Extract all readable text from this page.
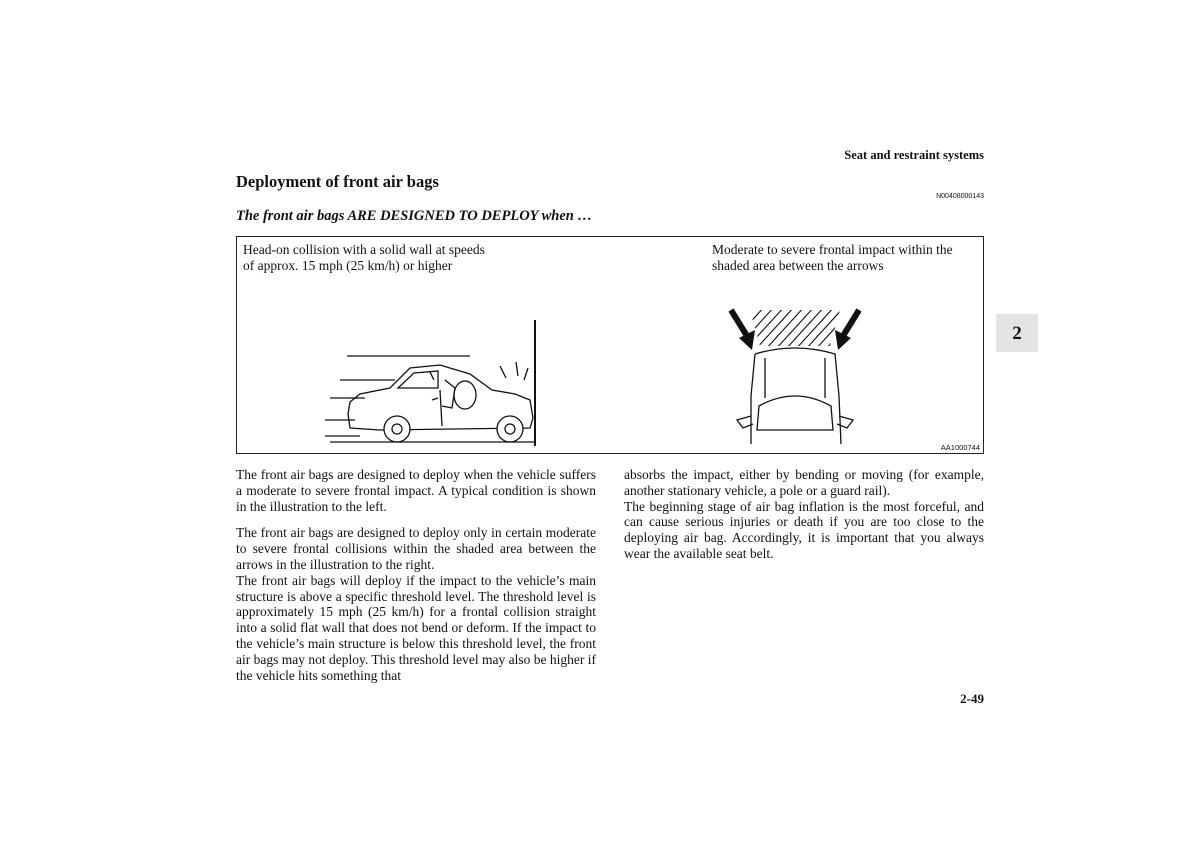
Seat and restraint systems
Deployment of front air bags
N00408000143
The front air bags ARE DESIGNED TO DEPLOY when …
Head-on collision with a solid wall at speeds of approx. 15 mph (25 km/h) or higher
Moderate to severe frontal impact within the shaded area between the arrows
AA1000744
2

The front air bags are designed to deploy when the vehicle suffers a moderate to severe frontal impact. A typical condition is shown in the illustration to the left.

The front air bags are designed to deploy only in certain moderate to severe frontal collisions within the shaded area between the arrows in the illustration to the right.

The front air bags will deploy if the impact to the vehicle’s main structure is above a specific threshold level. The threshold level is approximately 15 mph (25 km/h) for a frontal collision straight into a solid flat wall that does not bend or deform. If the impact to the vehicle’s main structure is below this threshold level, the front air bags may not deploy. This threshold level may also be higher if the vehicle hits something that

absorbs the impact, either by bending or moving (for example, another stationary vehicle, a pole or a guard rail).

The beginning stage of air bag inflation is the most forceful, and can cause serious injuries or death if you are too close to the deploying air bag. Accordingly, it is important that you always wear the available seat belt.

2-49
